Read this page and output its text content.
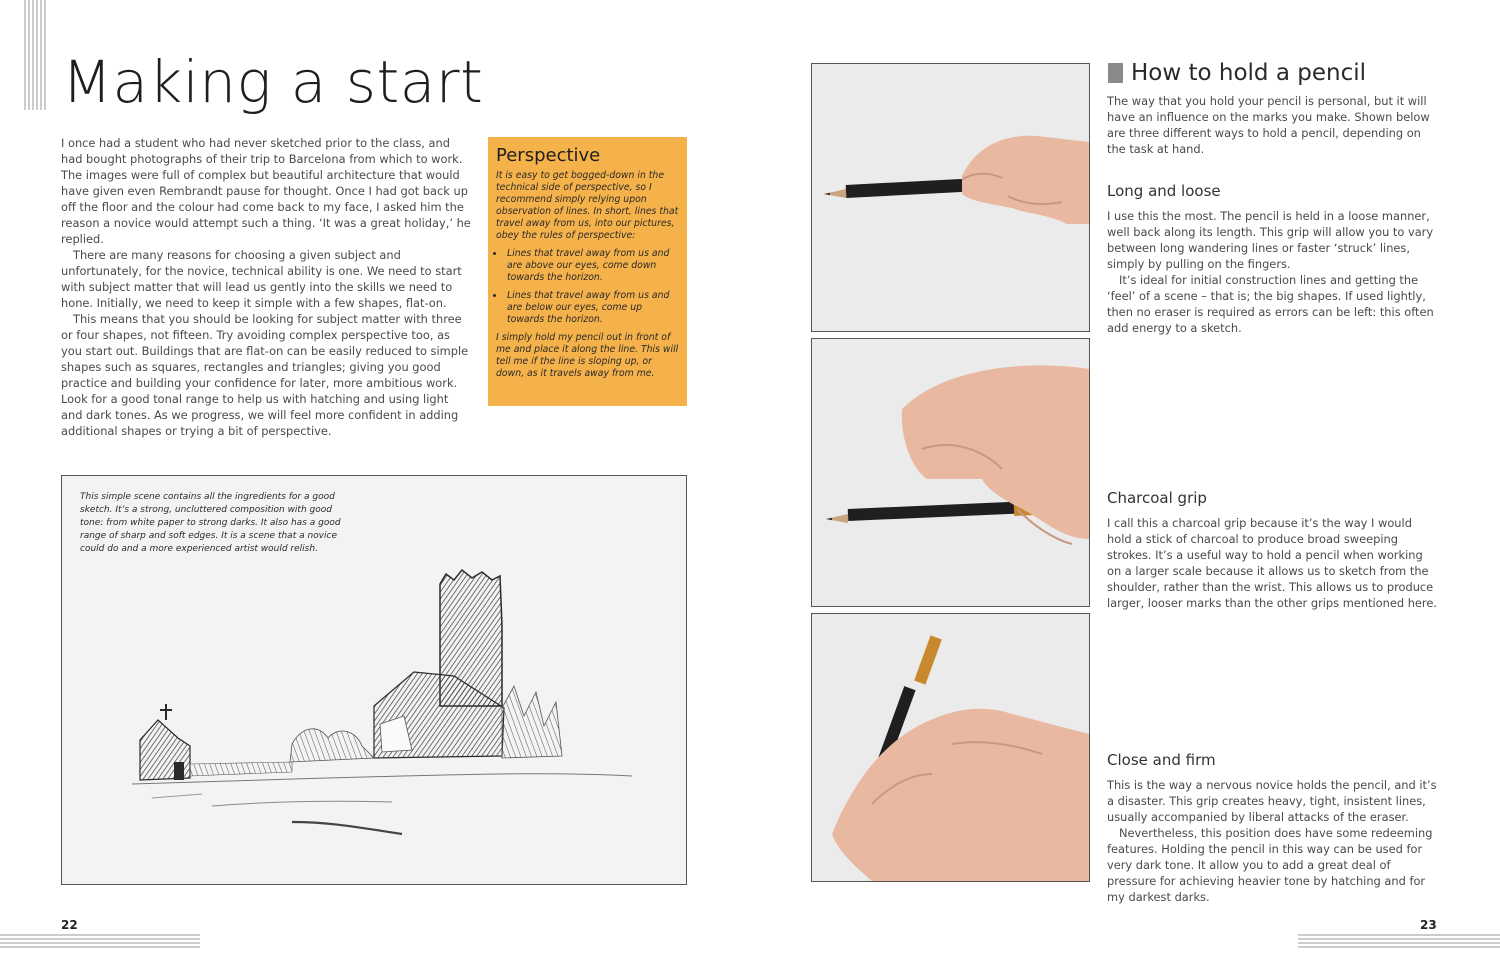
Making a start

I once had a student who had never sketched prior to the class, and had bought photographs of their trip to Barcelona from which to work. The images were full of complex but beautiful architecture that would have given even Rembrandt pause for thought. Once I had got back up off the floor and the colour had come back to my face, I asked him the reason a novice would attempt such a thing. ‘It was a great holiday,’ he replied.

There are many reasons for choosing a given subject and unfortunately, for the novice, technical ability is one. We need to start with subject matter that will lead us gently into the skills we need to hone. Initially, we need to keep it simple with a few shapes, flat-on.

This means that you should be looking for subject matter with three or four shapes, not fifteen. Try avoiding complex perspective too, as you start out. Buildings that are flat-on can be easily reduced to simple shapes such as squares, rectangles and triangles; giving you good practice and building your confidence for later, more ambitious work. Look for a good tonal range to help us with hatching and using light and dark tones. As we progress, we will feel more confident in adding additional shapes or trying a bit of perspective.

Perspective

It is easy to get bogged-down in the technical side of perspective, so I recommend simply relying upon observation of lines. In short, lines that travel away from us, into our pictures, obey the rules of perspective:

• Lines that travel away from us and are above our eyes, come down towards the horizon.
• Lines that travel away from us and are below our eyes, come up towards the horizon.

I simply hold my pencil out in front of me and place it along the line. This will tell me if the line is sloping up, or down, as it travels away from me.

This simple scene contains all the ingredients for a good sketch. It’s a strong, uncluttered composition with good tone: from white paper to strong darks. It also has a good range of sharp and soft edges. It is a scene that a novice could do and a more experienced artist would relish.
22
How to hold a pencil

The way that you hold your pencil is personal, but it will have an influence on the marks you make. Shown below are three different ways to hold a pencil, depending on the task at hand.

Long and loose

I use this the most. The pencil is held in a loose manner, well back along its length. This grip will allow you to vary between long wandering lines or faster ‘struck’ lines, simply by pulling on the fingers.

It’s ideal for initial construction lines and getting the ‘feel’ of a scene – that is; the big shapes. If used lightly, then no eraser is required as errors can be left: this often add energy to a sketch.

Charcoal grip

I call this a charcoal grip because it’s the way I would hold a stick of charcoal to produce broad sweeping strokes. It’s a useful way to hold a pencil when working on a larger scale because it allows us to sketch from the shoulder, rather than the wrist. This allows us to produce larger, looser marks than the other grips mentioned here.

Close and firm

This is the way a nervous novice holds the pencil, and it’s a disaster. This grip creates heavy, tight, insistent lines, usually accompanied by liberal attacks of the eraser.

Nevertheless, this position does have some redeeming features. Holding the pencil in this way can be used for very dark tone. It allow you to add a great deal of pressure for achieving heavier tone by hatching and for my darkest darks.

23
